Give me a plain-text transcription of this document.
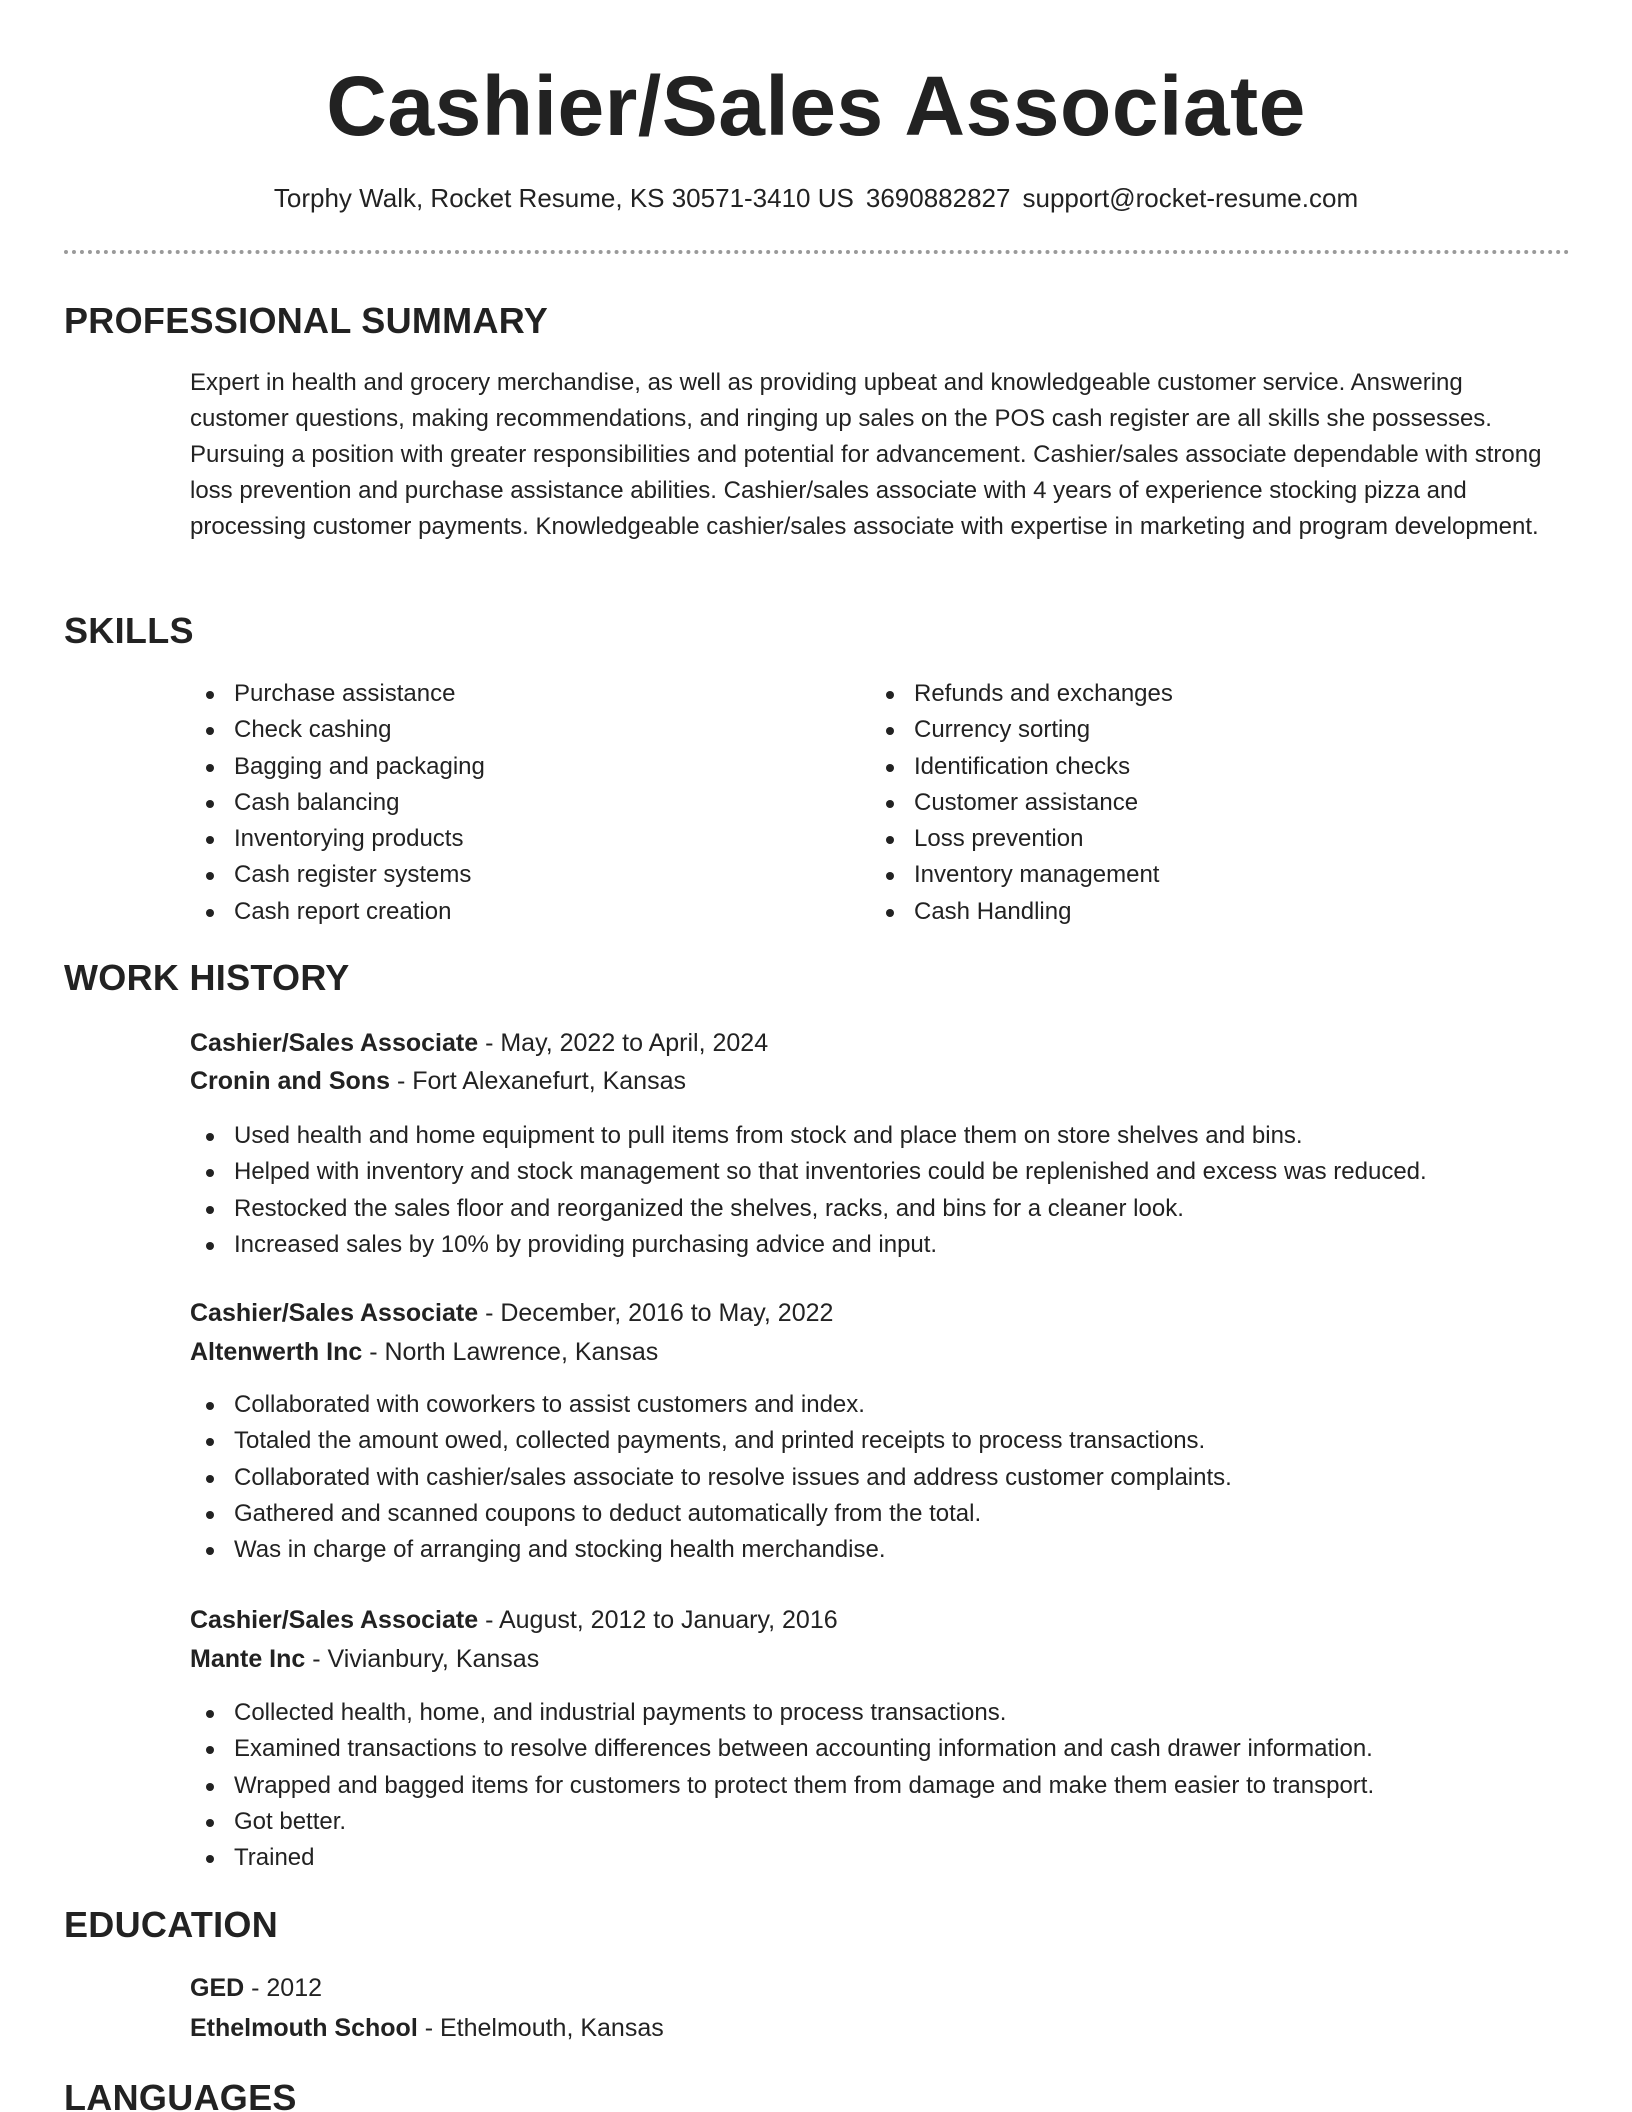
Cashier/Sales Associate
Torphy Walk, Rocket Resume, KS 30571-3410 US 3690882827 support@rocket-resume.com
PROFESSIONAL SUMMARY
Expert in health and grocery merchandise, as well as providing upbeat and knowledgeable customer service. Answering customer questions, making recommendations, and ringing up sales on the POS cash register are all skills she possesses. Pursuing a position with greater responsibilities and potential for advancement. Cashier/sales associate dependable with strong loss prevention and purchase assistance abilities. Cashier/sales associate with 4 years of experience stocking pizza and processing customer payments. Knowledgeable cashier/sales associate with expertise in marketing and program development.
SKILLS
Purchase assistance
Check cashing
Bagging and packaging
Cash balancing
Inventorying products
Cash register systems
Cash report creation
Refunds and exchanges
Currency sorting
Identification checks
Customer assistance
Loss prevention
Inventory management
Cash Handling
WORK HISTORY
Cashier/Sales Associate - May, 2022 to April, 2024
Cronin and Sons - Fort Alexanefurt, Kansas
Used health and home equipment to pull items from stock and place them on store shelves and bins.
Helped with inventory and stock management so that inventories could be replenished and excess was reduced.
Restocked the sales floor and reorganized the shelves, racks, and bins for a cleaner look.
Increased sales by 10% by providing purchasing advice and input.
Cashier/Sales Associate - December, 2016 to May, 2022
Altenwerth Inc - North Lawrence, Kansas
Collaborated with coworkers to assist customers and index.
Totaled the amount owed, collected payments, and printed receipts to process transactions.
Collaborated with cashier/sales associate to resolve issues and address customer complaints.
Gathered and scanned coupons to deduct automatically from the total.
Was in charge of arranging and stocking health merchandise.
Cashier/Sales Associate - August, 2012 to January, 2016
Mante Inc - Vivianbury, Kansas
Collected health, home, and industrial payments to process transactions.
Examined transactions to resolve differences between accounting information and cash drawer information.
Wrapped and bagged items for customers to protect them from damage and make them easier to transport.
Got better.
Trained
EDUCATION
GED - 2012
Ethelmouth School - Ethelmouth, Kansas
LANGUAGES
